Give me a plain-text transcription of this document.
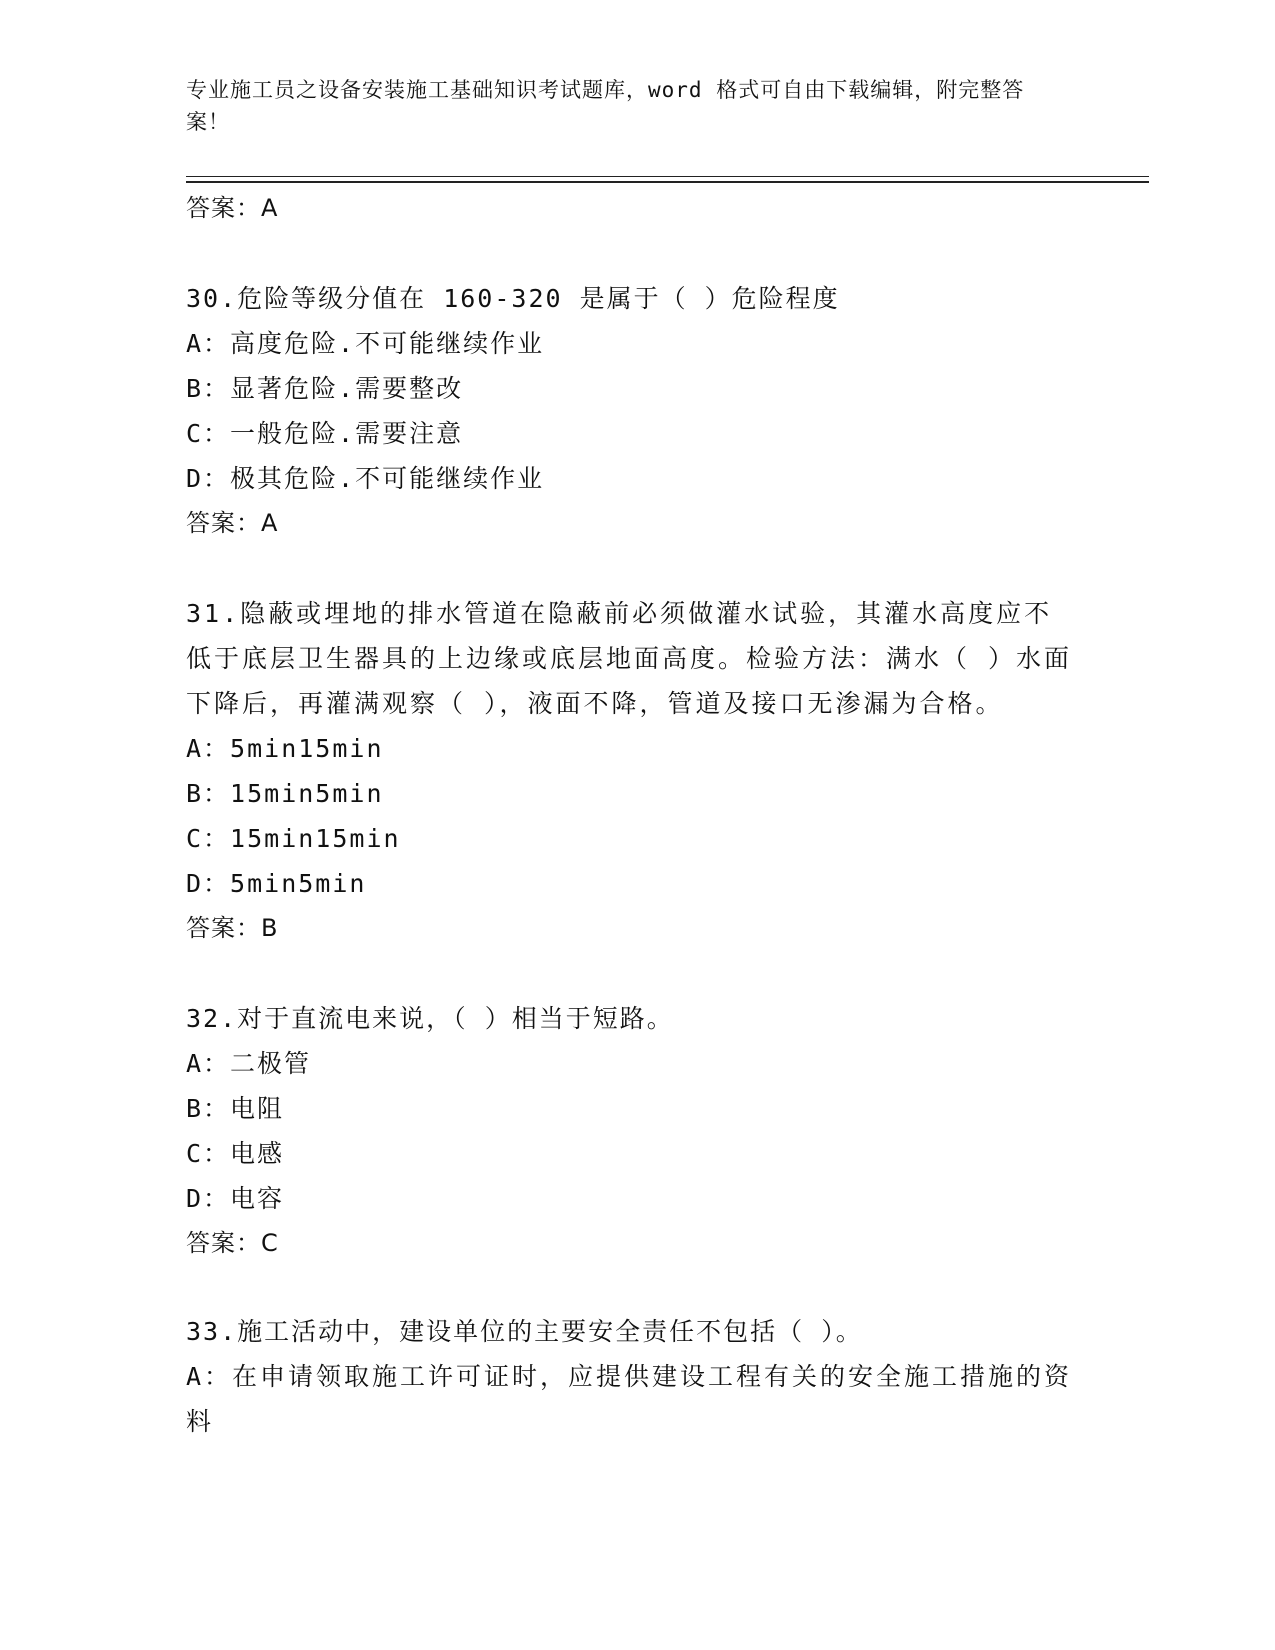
专业施工员之设备安装施工基础知识考试题库，word 格式可自由下载编辑，附完整答案！
答案：A
30.危险等级分值在 160-320 是属于（ ）危险程度
A：高度危险.不可能继续作业
B：显著危险.需要整改
C：一般危险.需要注意
D：极其危险.不可能继续作业
答案：A
31.隐蔽或埋地的排水管道在隐蔽前必须做灌水试验，其灌水高度应不低于底层卫生器具的上边缘或底层地面高度。检验方法：满水（ ）水面下降后，再灌满观察（ ），液面不降，管道及接口无渗漏为合格。
A：5min15min
B：15min5min
C：15min15min
D：5min5min
答案：B
32.对于直流电来说，（ ）相当于短路。
A：二极管
B：电阻
C：电感
D：电容
答案：C
33.施工活动中，建设单位的主要安全责任不包括（ ）。
A：在申请领取施工许可证时，应提供建设工程有关的安全施工措施的资料
